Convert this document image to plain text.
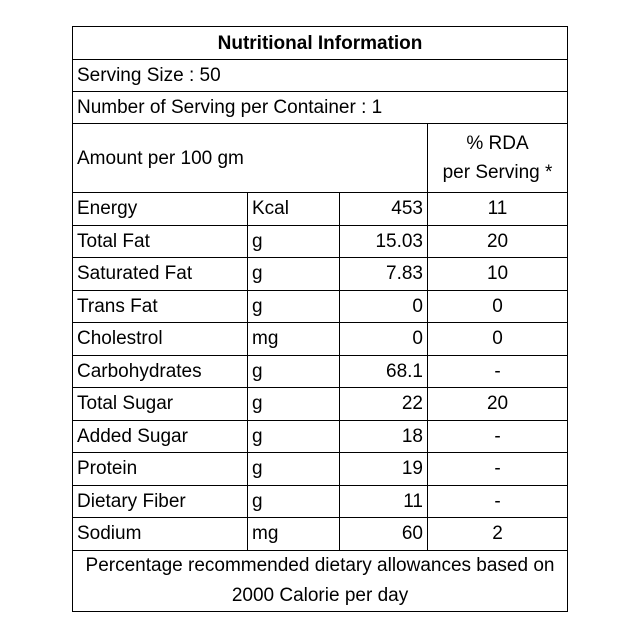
Nutritional Information			
Serving Size : 50			
Number of Serving per Container : 1			
Amount per 100 gm			% RDA
per Serving *

Energy	Kcal	453	11
Total Fat	g	15.03	20
Saturated Fat	g	7.83	10
Trans Fat	g	0	0
Cholestrol	mg	0	0
Carbohydrates	g	68.1	-
Total Sugar	g	22	20
Added Sugar	g	18	-
Protein	g	19	-
Dietary Fiber	g	11	-
Sodium	mg	60	2

Percentage recommended dietary allowances based on
2000 Calorie per day			
